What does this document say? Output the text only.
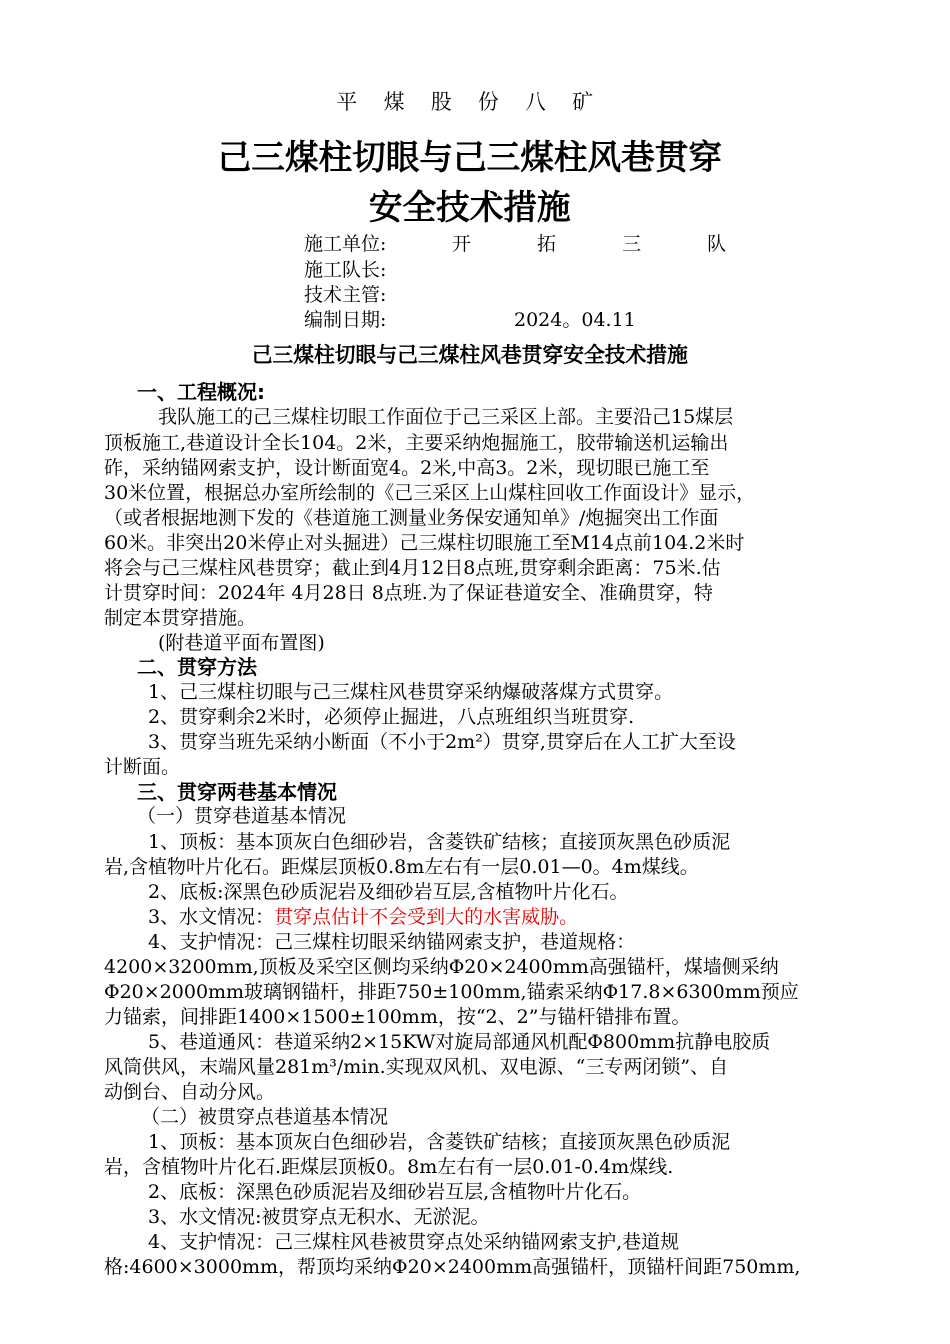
平 煤 股 份 八 矿
己三煤柱切眼与己三煤柱风巷贯穿
安全技术措施
施工单位:	开 拓 三 队
施工队长:
技术主管:
编制日期:	2024。04.11
己三煤柱切眼与己三煤柱风巷贯穿安全技术措施
一、工程概况:
我队施工的己三煤柱切眼工作面位于己三采区上部。主要沿己15煤层
顶板施工,巷道设计全长104。2米，主要采纳炮掘施工，胶带输送机运输出
砟，采纳锚网索支护，设计断面宽4。2米,中高3。2米，现切眼已施工至
30米位置，根据总办室所绘制的《己三采区上山煤柱回收工作面设计》显示，
（或者根据地测下发的《巷道施工测量业务保安通知单》/炮掘突出工作面
60米。非突出20米停止对头掘进）己三煤柱切眼施工至M14点前104.2米时
将会与己三煤柱风巷贯穿；截止到4月12日8点班,贯穿剩余距离：75米.估
计贯穿时间：2024年 4月28日 8点班.为了保证巷道安全、准确贯穿，特
制定本贯穿措施。
(附巷道平面布置图)
二、贯穿方法
1、己三煤柱切眼与己三煤柱风巷贯穿采纳爆破落煤方式贯穿。
2、贯穿剩余2米时，必须停止掘进，八点班组织当班贯穿.
3、贯穿当班先采纳小断面（不小于2m²）贯穿,贯穿后在人工扩大至设
计断面。
三、贯穿两巷基本情况
（一）贯穿巷道基本情况
1、顶板：基本顶灰白色细砂岩，含菱铁矿结核；直接顶灰黑色砂质泥
岩,含植物叶片化石。距煤层顶板0.8m左右有一层0.01—0。4m煤线。
2、底板:深黑色砂质泥岩及细砂岩互层,含植物叶片化石。
3、水文情况：贯穿点估计不会受到大的水害威胁。
4、支护情况：己三煤柱切眼采纳锚网索支护，巷道规格：
4200×3200mm,顶板及采空区侧均采纳Φ20×2400mm高强锚杆，煤墙侧采纳
Φ20×2000mm玻璃钢锚杆，排距750±100mm,锚索采纳Φ17.8×6300mm预应
力锚索，间排距1400×1500±100mm，按“2、2”与锚杆错排布置。
5、巷道通风：巷道采纳2×15KW对旋局部通风机配Φ800mm抗静电胶质
风筒供风，末端风量281m³/min.实现双风机、双电源、“三专两闭锁”、自
动倒台、自动分风。
（二）被贯穿点巷道基本情况
1、顶板：基本顶灰白色细砂岩，含菱铁矿结核；直接顶灰黑色砂质泥
岩，含植物叶片化石.距煤层顶板0。8m左右有一层0.01-0.4m煤线.
2、底板：深黑色砂质泥岩及细砂岩互层,含植物叶片化石。
3、水文情况:被贯穿点无积水、无淤泥。
4、支护情况：己三煤柱风巷被贯穿点处采纳锚网索支护,巷道规
格:4600×3000mm，帮顶均采纳Φ20×2400mm高强锚杆，顶锚杆间距750mm,
